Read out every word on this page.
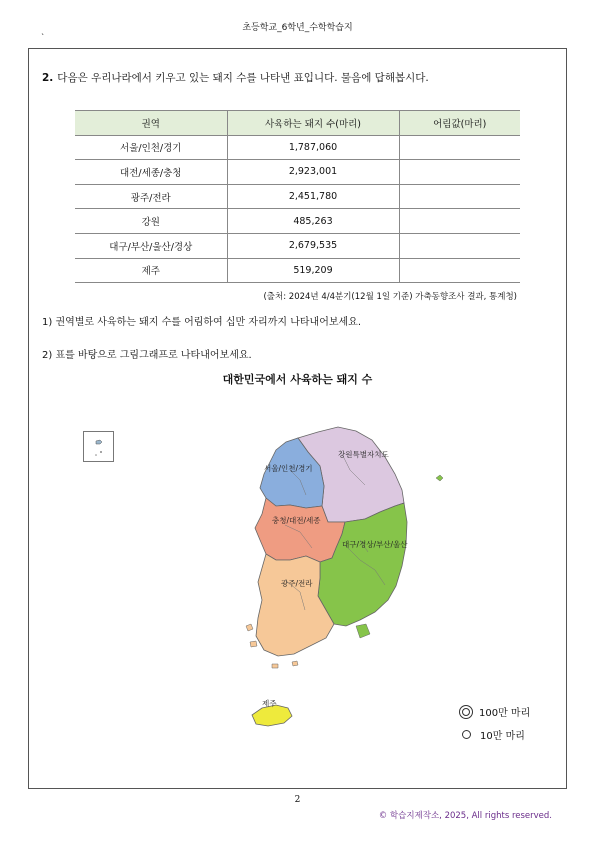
초등학교_6학년_수학학습지
`
2. 다음은 우리나라에서 키우고 있는 돼지 수를 나타낸 표입니다. 물음에 답해봅시다.
권역	사육하는 돼지 수(마리)	어림값(마리)
서울/인천/경기	1,787,060	
대전/세종/충청	2,923,001	
광주/전라	2,451,780	
강원	485,263	
대구/부산/울산/경상	2,679,535	
제주	519,209	
(출처: 2024년 4/4분기(12월 1일 기준) 가축동향조사 결과, 통계청)
1) 권역별로 사육하는 돼지 수를 어림하여 십만 자리까지 나타내어보세요.
2) 표를 바탕으로 그림그래프로 나타내어보세요.
대한민국에서 사육하는 돼지 수
강원특별자치도
서울/인천/경기
충청/대전/세종
대구/경상/부산/울산
광주/전라
제주
100만 마리
10만 마리
2
© 학습지제작소, 2025, All rights reserved.
